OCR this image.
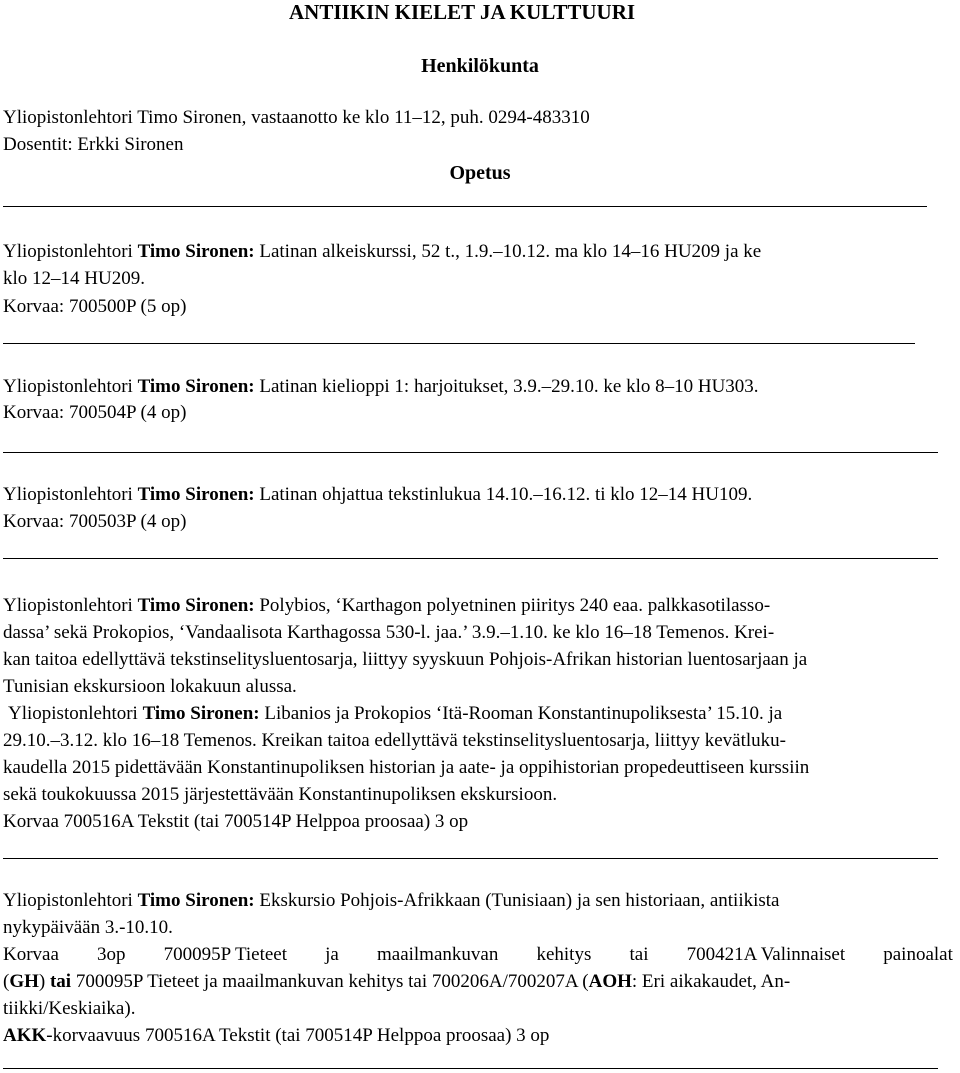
ANTIIKIN KIELET JA KULTTUURI
Henkilökunta
Yliopistonlehtori Timo Sironen, vastaanotto ke klo 11–12, puh. 0294-483310
Dosentit: Erkki Sironen
Opetus
Yliopistonlehtori Timo Sironen: Latinan alkeiskurssi, 52 t., 1.9.–10.12. ma klo 14–16 HU209 ja ke
klo 12–14 HU209.
Korvaa: 700500P (5 op)
Yliopistonlehtori Timo Sironen: Latinan kielioppi 1: harjoitukset, 3.9.–29.10. ke klo 8–10 HU303.
Korvaa: 700504P (4 op)
Yliopistonlehtori Timo Sironen: Latinan ohjattua tekstinlukua 14.10.–16.12. ti klo 12–14 HU109.
Korvaa: 700503P (4 op)
Yliopistonlehtori Timo Sironen: Polybios, ‘Karthagon polyetninen piiritys 240 eaa. palkkasotilasso-
dassa’ sekä Prokopios, ‘Vandaalisota Karthagossa 530-l. jaa.’ 3.9.–1.10. ke klo 16–18 Temenos. Krei-
kan taitoa edellyttävä tekstinselitysluentosarja, liittyy syyskuun Pohjois-Afrikan historian luentosarjaan ja
Tunisian ekskursioon lokakuun alussa.
Yliopistonlehtori Timo Sironen: Libanios ja Prokopios ‘Itä-Rooman Konstantinupoliksesta’ 15.10. ja
29.10.–3.12. klo 16–18 Temenos. Kreikan taitoa edellyttävä tekstinselitysluentosarja, liittyy kevätluku-
kaudella 2015 pidettävään Konstantinupoliksen historian ja aate- ja oppihistorian propedeuttiseen kurssiin
sekä toukokuussa 2015 järjestettävään Konstantinupoliksen ekskursioon.
Korvaa 700516A Tekstit (tai 700514P Helppoa proosaa) 3 op
Yliopistonlehtori Timo Sironen: Ekskursio Pohjois-Afrikkaan (Tunisiaan) ja sen historiaan, antiikista
nykypäivään 3.-10.10.
Korvaa 3op 700095P Tieteet ja maailmankuvan kehitys tai 700421A Valinnaiset painoalat
(GH) tai 700095P Tieteet ja maailmankuvan kehitys tai 700206A/700207A (AOH: Eri aikakaudet, An-
tiikki/Keskiaika).
AKK-korvaavuus 700516A Tekstit (tai 700514P Helppoa proosaa) 3 op
